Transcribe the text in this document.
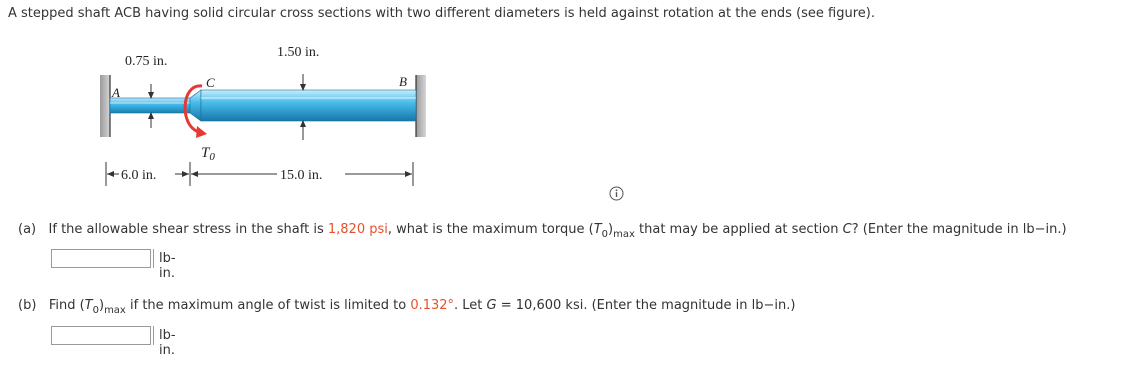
A stepped shaft ACB having solid circular cross sections with two different diameters is held against rotation at the ends (see figure).
0.75 in.
1.50 in.
A
C	B
$T_0$
6.0 in.	15.0 in.
(a) If the allowable shear stress in the shaft is 1,820 psi, what is the maximum torque $(T_0)_{max}$ that may be applied at section C? (Enter the magnitude in lb−in.)
lb-in.
(b) Find $(T_0)_{max}$ if the maximum angle of twist is limited to 0.132°. Let G = 10,600 ksi. (Enter the magnitude in lb−in.)
lb-in.
